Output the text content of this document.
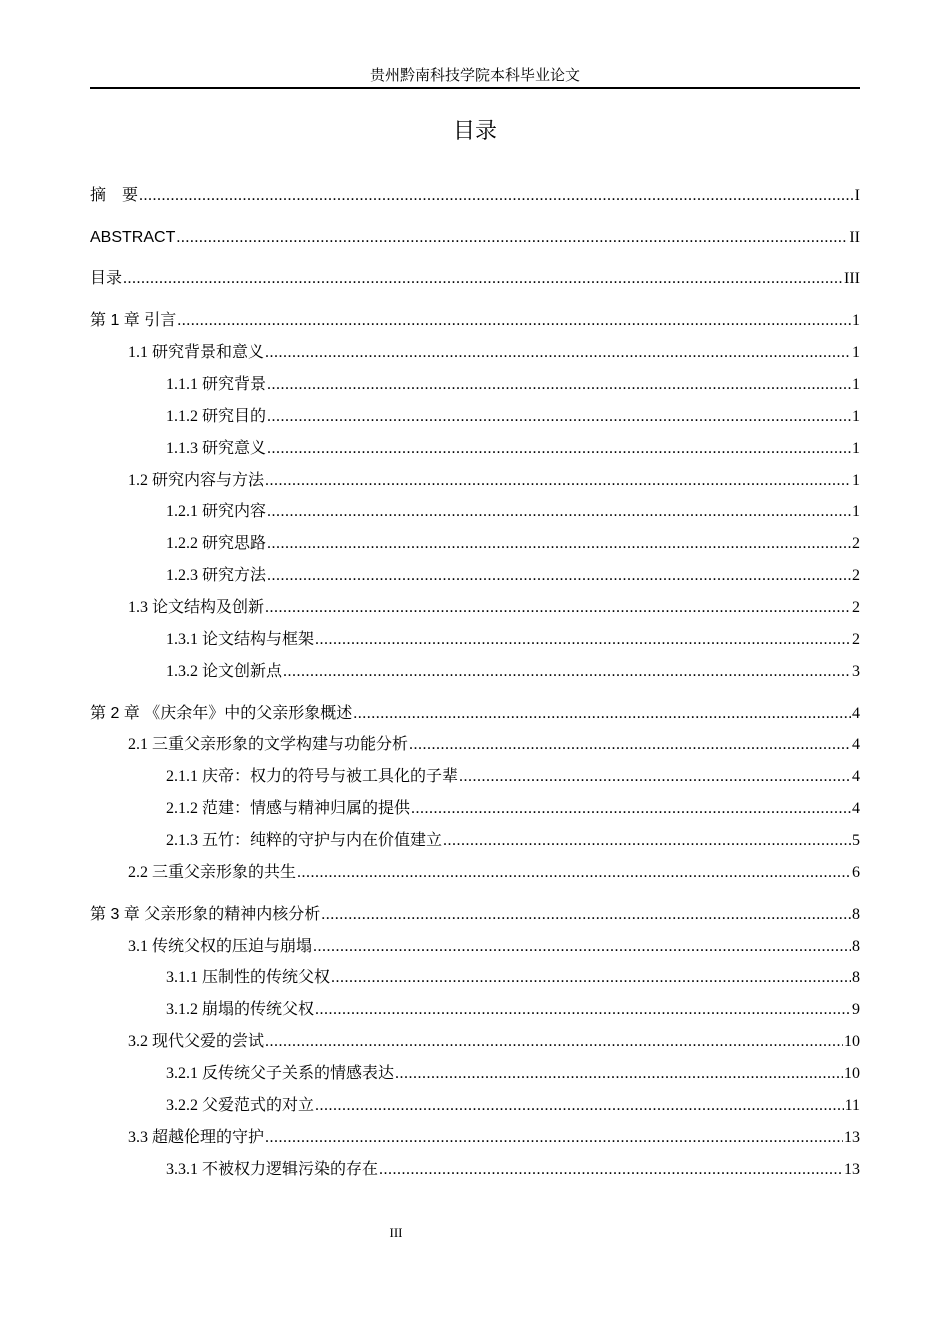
贵州黔南科技学院本科毕业论文
目录
摘　要 .....	I
ABSTRACT .....	II
目录 .....	III
第 1 章 引言 .....	1
1.1 研究背景和意义 .....	1
1.1.1 研究背景 .....	1
1.1.2 研究目的 .....	1
1.1.3 研究意义 .....	1
1.2 研究内容与方法 .....	1
1.2.1 研究内容 .....	1
1.2.2 研究思路 .....	2
1.2.3 研究方法 .....	2
1.3 论文结构及创新 .....	2
1.3.1 论文结构与框架 .....	2
1.3.2 论文创新点 .....	3
第 2 章 《庆余年》中的父亲形象概述 .....	4
2.1 三重父亲形象的文学构建与功能分析 .....	4
2.1.1 庆帝：权力的符号与被工具化的子辈 .....	4
2.1.2 范建：情感与精神归属的提供 .....	4
2.1.3 五竹：纯粹的守护与内在价值建立 .....	5
2.2 三重父亲形象的共生 .....	6
第 3 章 父亲形象的精神内核分析 .....	8
3.1 传统父权的压迫与崩塌 .....	8
3.1.1 压制性的传统父权 .....	8
3.1.2 崩塌的传统父权 .....	9
3.2 现代父爱的尝试 .....	10
3.2.1 反传统父子关系的情感表达 .....	10
3.2.2 父爱范式的对立 .....	11
3.3 超越伦理的守护 .....	13
3.3.1 不被权力逻辑污染的存在 .....	13
III
